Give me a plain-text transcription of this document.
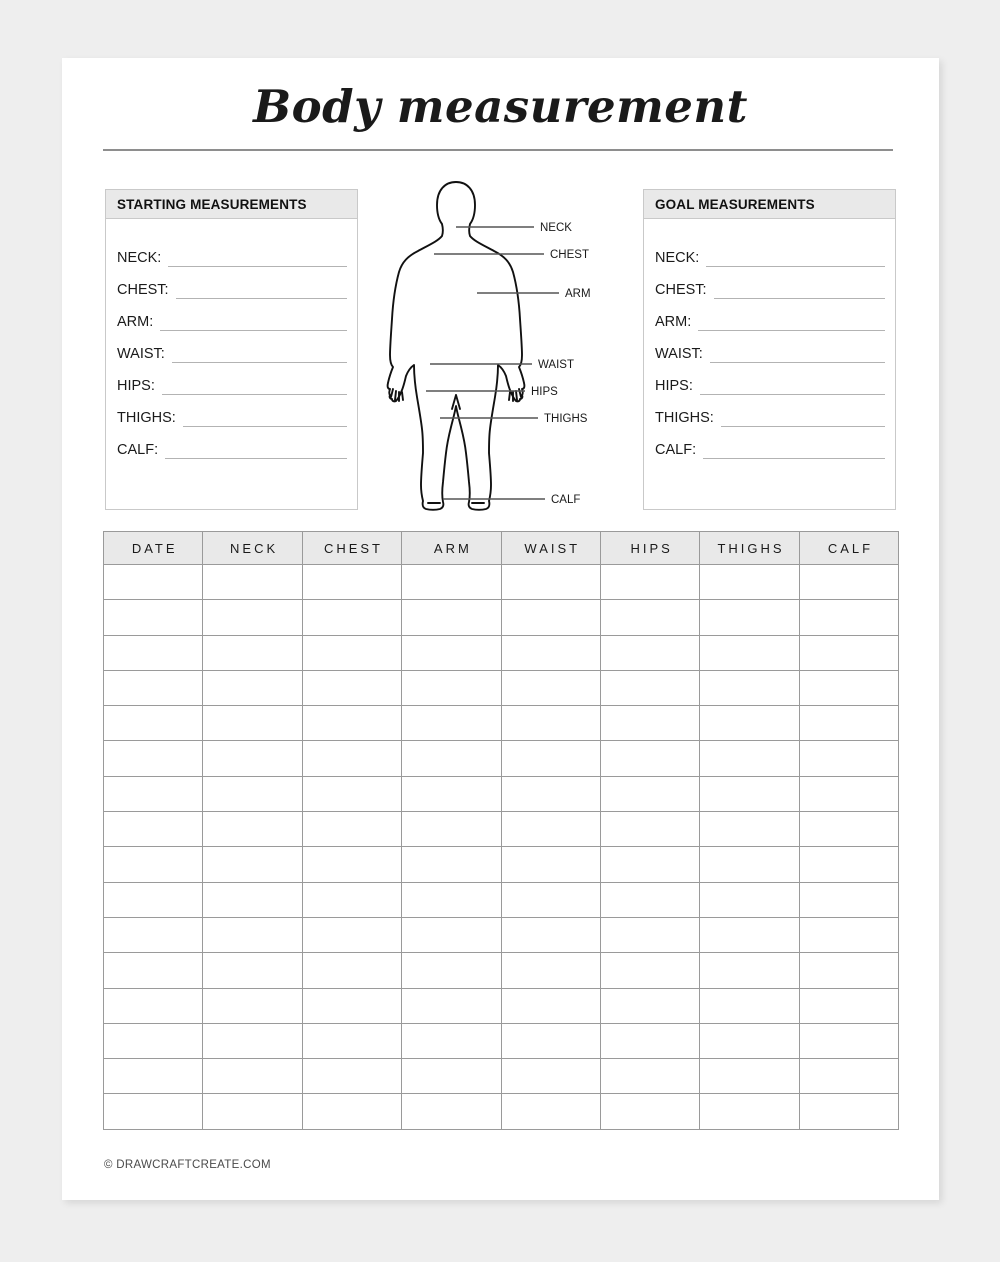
Body measurement
STARTING MEASUREMENTS
NECK:
CHEST:
ARM:
WAIST:
HIPS:
THIGHS:
CALF:
GOAL MEASUREMENTS
NECK:
CHEST:
ARM:
WAIST:
HIPS:
THIGHS:
CALF:
NECK
CHEST
ARM
WAIST
HIPS
THIGHS
CALF
DATE	NECK	CHEST	ARM	WAIST	HIPS	THIGHS	CALF

© DRAWCRAFTCREATE.COM
